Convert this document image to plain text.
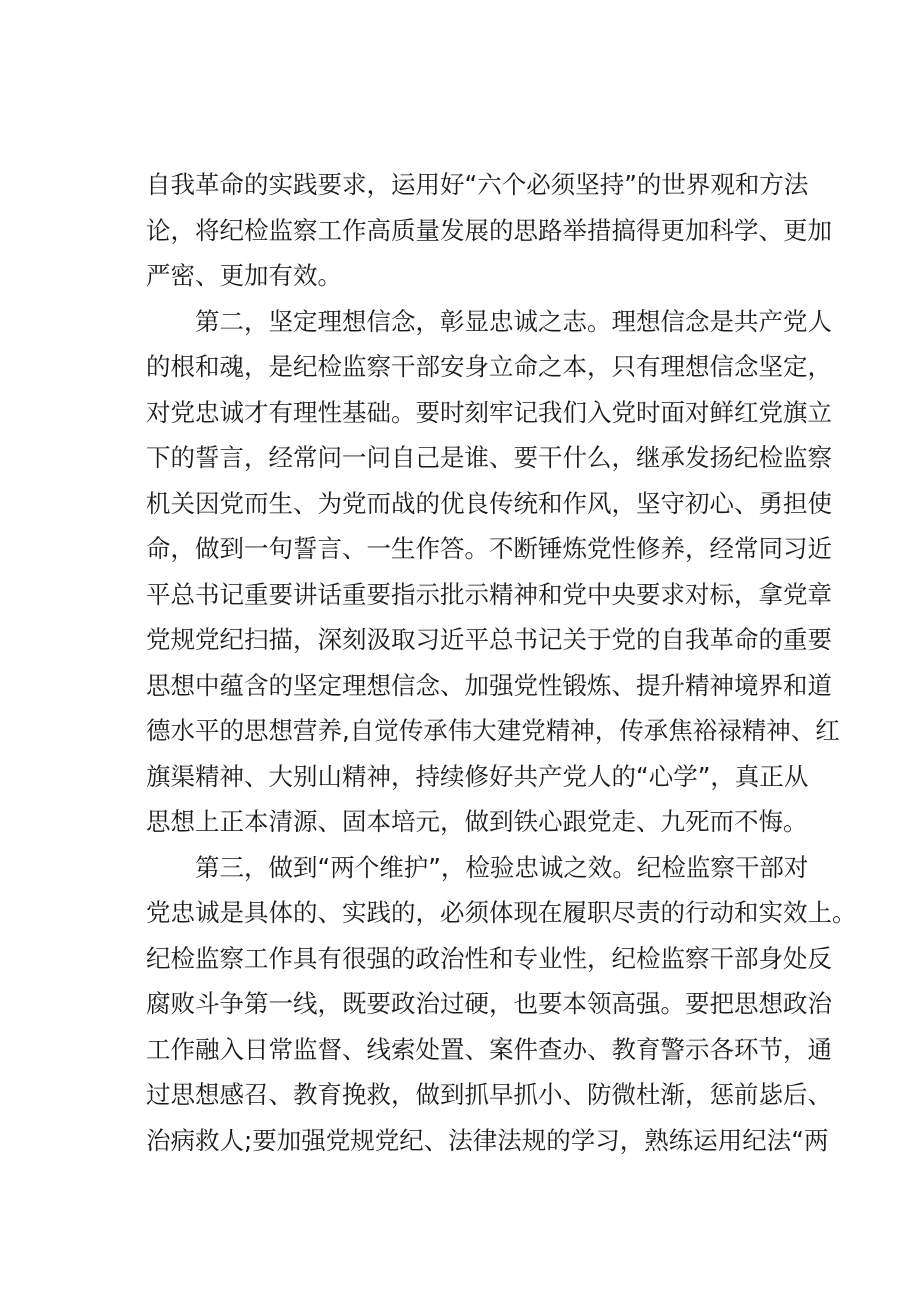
自我革命的实践要求，运用好“六个必须坚持”的世界观和方法
论，将纪检监察工作高质量发展的思路举措搞得更加科学、更加
严密、更加有效。
第二，坚定理想信念，彰显忠诚之志。理想信念是共产党人
的根和魂，是纪检监察干部安身立命之本，只有理想信念坚定，
对党忠诚才有理性基础。要时刻牢记我们入党时面对鲜红党旗立
下的誓言，经常问一问自己是谁、要干什么，继承发扬纪检监察
机关因党而生、为党而战的优良传统和作风，坚守初心、勇担使
命，做到一句誓言、一生作答。不断锤炼党性修养，经常同习近
平总书记重要讲话重要指示批示精神和党中央要求对标，拿党章
党规党纪扫描，深刻汲取习近平总书记关于党的自我革命的重要
思想中蕴含的坚定理想信念、加强党性锻炼、提升精神境界和道
德水平的思想营养,自觉传承伟大建党精神，传承焦裕禄精神、红
旗渠精神、大别山精神，持续修好共产党人的“心学”，真正从
思想上正本清源、固本培元，做到铁心跟党走、九死而不悔。
第三，做到“两个维护”，检验忠诚之效。纪检监察干部对
党忠诚是具体的、实践的，必须体现在履职尽责的行动和实效上。
纪检监察工作具有很强的政治性和专业性，纪检监察干部身处反
腐败斗争第一线，既要政治过硬，也要本领高强。要把思想政治
工作融入日常监督、线索处置、案件查办、教育警示各环节，通
过思想感召、教育挽救，做到抓早抓小、防微杜渐，惩前毖后、
治病救人;要加强党规党纪、法律法规的学习，熟练运用纪法“两
